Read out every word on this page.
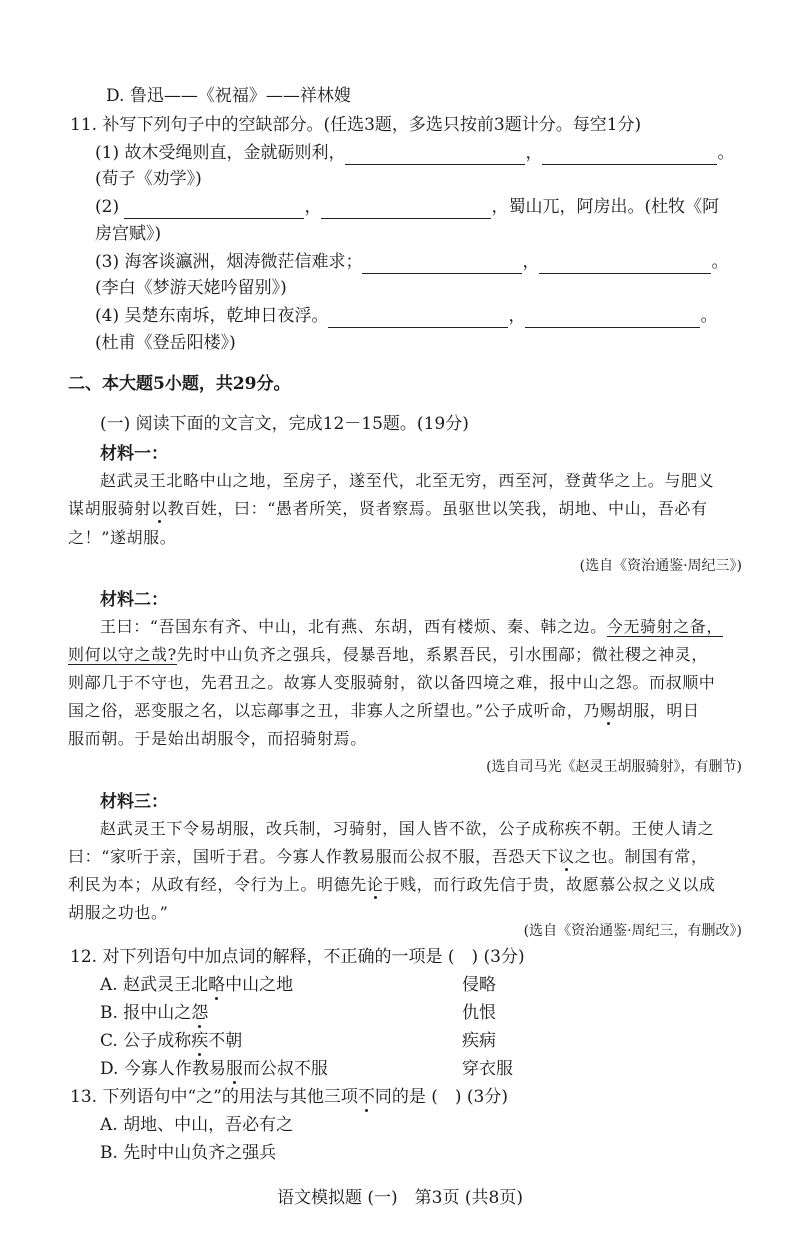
D. 鲁迅——《祝福》——祥林嫂
11. 补写下列句子中的空缺部分。(任选3题，多选只按前3题计分。每空1分)
(1) 故木受绳则直，金就砺则利，	，	。
(荀子《劝学》)
(2)	，	，蜀山兀，阿房出。(杜牧《阿
房宫赋》)
(3) 海客谈瀛洲，烟涛微茫信难求；	，	。
(李白《梦游天姥吟留别》)
(4) 吴楚东南坼，乾坤日夜浮。	，	。
(杜甫《登岳阳楼》)
二、本大题5小题，共29分。
(一) 阅读下面的文言文，完成12－15题。(19分)
材料一：
赵武灵王北略中山之地，至房子，遂至代，北至无穷，西至河，登黄华之上。与肥义
谋胡服骑射以教百姓，曰：“愚者所笑，贤者察焉。虽驱世以笑我，胡地、中山，吾必有
之！”遂胡服。
(选自《资治通鉴·周纪三》)
材料二：
王曰：“吾国东有齐、中山，北有燕、东胡，西有楼烦、秦、韩之边。今无骑射之备，
则何以守之哉?先时中山负齐之强兵，侵暴吾地，系累吾民，引水围鄗；微社稷之神灵，
则鄗几于不守也，先君丑之。故寡人变服骑射，欲以备四境之难，报中山之怨。而叔顺中
国之俗，恶变服之名，以忘鄗事之丑，非寡人之所望也。”公子成听命，乃赐胡服，明日
服而朝。于是始出胡服令，而招骑射焉。
(选自司马光《赵灵王胡服骑射》，有删节)
材料三：
赵武灵王下令易胡服，改兵制，习骑射，国人皆不欲，公子成称疾不朝。王使人请之
曰：“家听于亲，国听于君。今寡人作教易服而公叔不服，吾恐天下议之也。制国有常，
利民为本；从政有经，令行为上。明德先论于贱，而行政先信于贵，故愿慕公叔之义以成
胡服之功也。”
(选自《资治通鉴·周纪三，有删改》)
12. 对下列语句中加点词的解释，不正确的一项是 (　) (3分)
A. 赵武灵王北略中山之地	侵略
B. 报中山之怨	仇恨
C. 公子成称疾不朝	疾病
D. 今寡人作教易服而公叔不服	穿衣服
13. 下列语句中“之”的用法与其他三项不同的是 (　) (3分)
A. 胡地、中山，吾必有之
B. 先时中山负齐之强兵
语文模拟题 (一)　第3页 (共8页)
